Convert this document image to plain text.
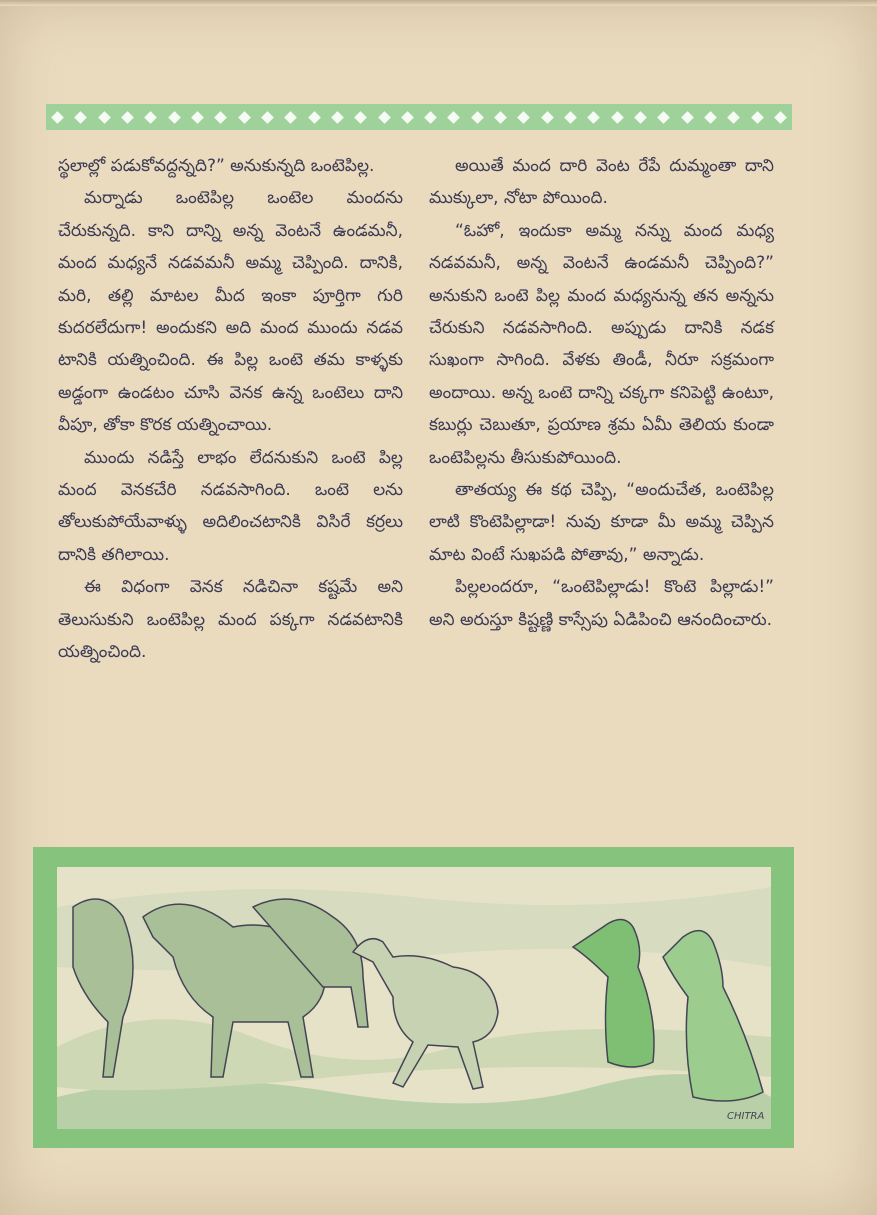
స్థలాల్లో పడుకోవద్దన్నది?” అనుకున్నది ఒంటెపిల్ల.

మర్నాడు ఒంటెపిల్ల ఒంటెల మందను చేరుకున్నది. కాని దాన్ని అన్న వెంటనే ఉండమనీ, మంద మధ్యనే నడవమనీ అమ్మ చెప్పింది. దానికి, మరి, తల్లి మాటల మీద ఇంకా పూర్తిగా గురి కుదరలేదుగా! అందుకని అది మంద ముందు నడవ టానికి యత్నించింది. ఈ పిల్ల ఒంటె తమ కాళ్ళకు అడ్డంగా ఉండటం చూసి వెనక ఉన్న ఒంటెలు దాని వీపూ, తోకా కొరక యత్నించాయి.

ముందు నడిస్తే లాభం లేదనుకుని ఒంటె పిల్ల మంద వెనకచేరి నడవసాగింది. ఒంటె లను తోలుకుపోయేవాళ్ళు అదిలించటానికి విసిరే కర్రలు దానికి తగిలాయి.

ఈ విధంగా వెనక నడిచినా కష్టమే అని తెలుసుకుని ఒంటెపిల్ల మంద పక్కగా నడవటానికి యత్నించింది.

అయితే మంద దారి వెంట రేపే దుమ్మంతా దాని ముక్కులా, నోటా పోయింది.

“ఓహో, ఇందుకా అమ్మ నన్ను మంద మధ్య నడవమనీ, అన్న వెంటనే ఉండమనీ చెప్పింది?” అనుకుని ఒంటె పిల్ల మంద మధ్యనున్న తన అన్నను చేరుకుని నడవసాగింది. అప్పుడు దానికి నడక సుఖంగా సాగింది. వేళకు తిండీ, నీరూ సక్రమంగా అందాయి. అన్న ఒంటె దాన్ని చక్కగా కనిపెట్టి ఉంటూ, కబుర్లు చెబుతూ, ప్రయాణ శ్రమ ఏమీ తెలియ కుండా ఒంటెపిల్లను తీసుకుపోయింది.

తాతయ్య ఈ కథ చెప్పి, “అందుచేత, ఒంటెపిల్ల లాటి కొంటెపిల్లాడా! నువు కూడా మీ అమ్మ చెప్పిన మాట వింటే సుఖపడి పోతావు,” అన్నాడు.

పిల్లలందరూ, “ఒంటెపిల్లాడు! కొంటె పిల్లాడు!” అని అరుస్తూ కిష్టణ్ణి కాస్సేపు ఏడిపించి ఆనందించారు.

CHITRA
